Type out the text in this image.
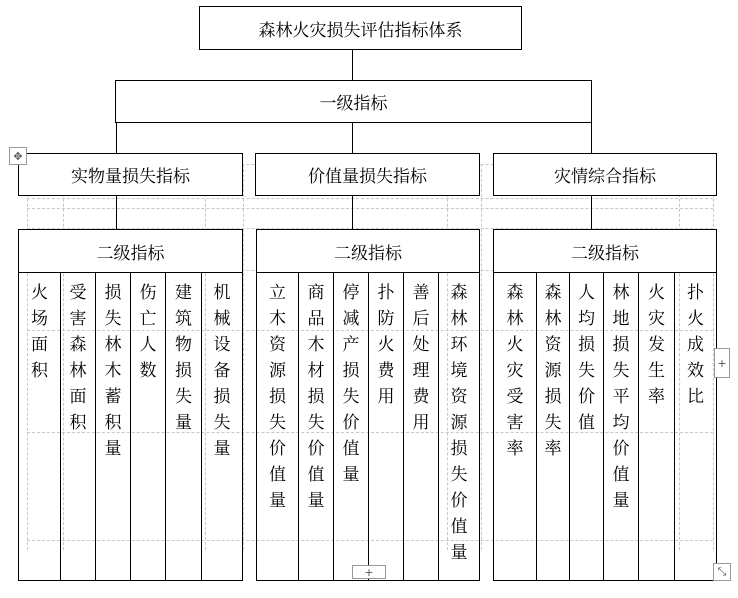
森林火灾损失评估指标体系
一级指标
实物量损失指标	价值量损失指标	灾情综合指标
二级指标	二级指标	二级指标
火场面积
受害森林面积
损失林木蓄积量
伤亡人数
建筑物损失量
机械设备损失量
立木资源损失价值量
商品木材损失价值量
停减产损失价值量
扑防火费用
善后处理费用
森林环境资源损失价值量
森林火灾受害率
森林资源损失率
人均损失价值
林地损失平均价值量
火灾发生率
扑火成效比
✥
+
+
⤡
